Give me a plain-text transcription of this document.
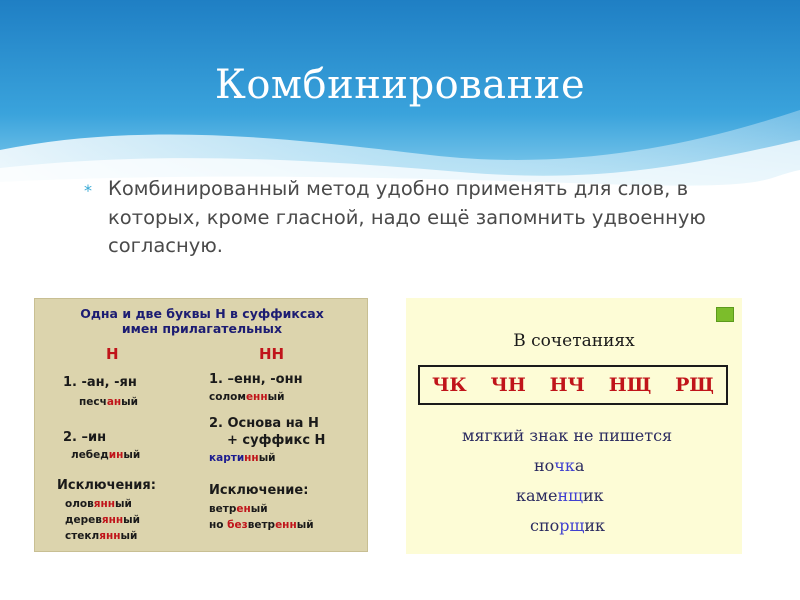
Комбинирование
* Комбинированный метод удобно применять для слов, в которых, кроме гласной, надо ещё запомнить удвоенную согласную.
Одна и две буквы Н в суффиксах
имен прилагательных
Н	НН
1. -ан, -ян
песчаный
2. –ин
лебединый
Исключения:
оловянный
деревянный
стеклянный
1. –енн, -онн
соломенный
2. Основа на Н
+ суффикс Н
картинный
Исключение:
ветреный
но безветренный
В сочетаниях
ЧК ЧН НЧ НЩ РЩ
мягкий знак не пишется
ночка
каменщик
спорщик
